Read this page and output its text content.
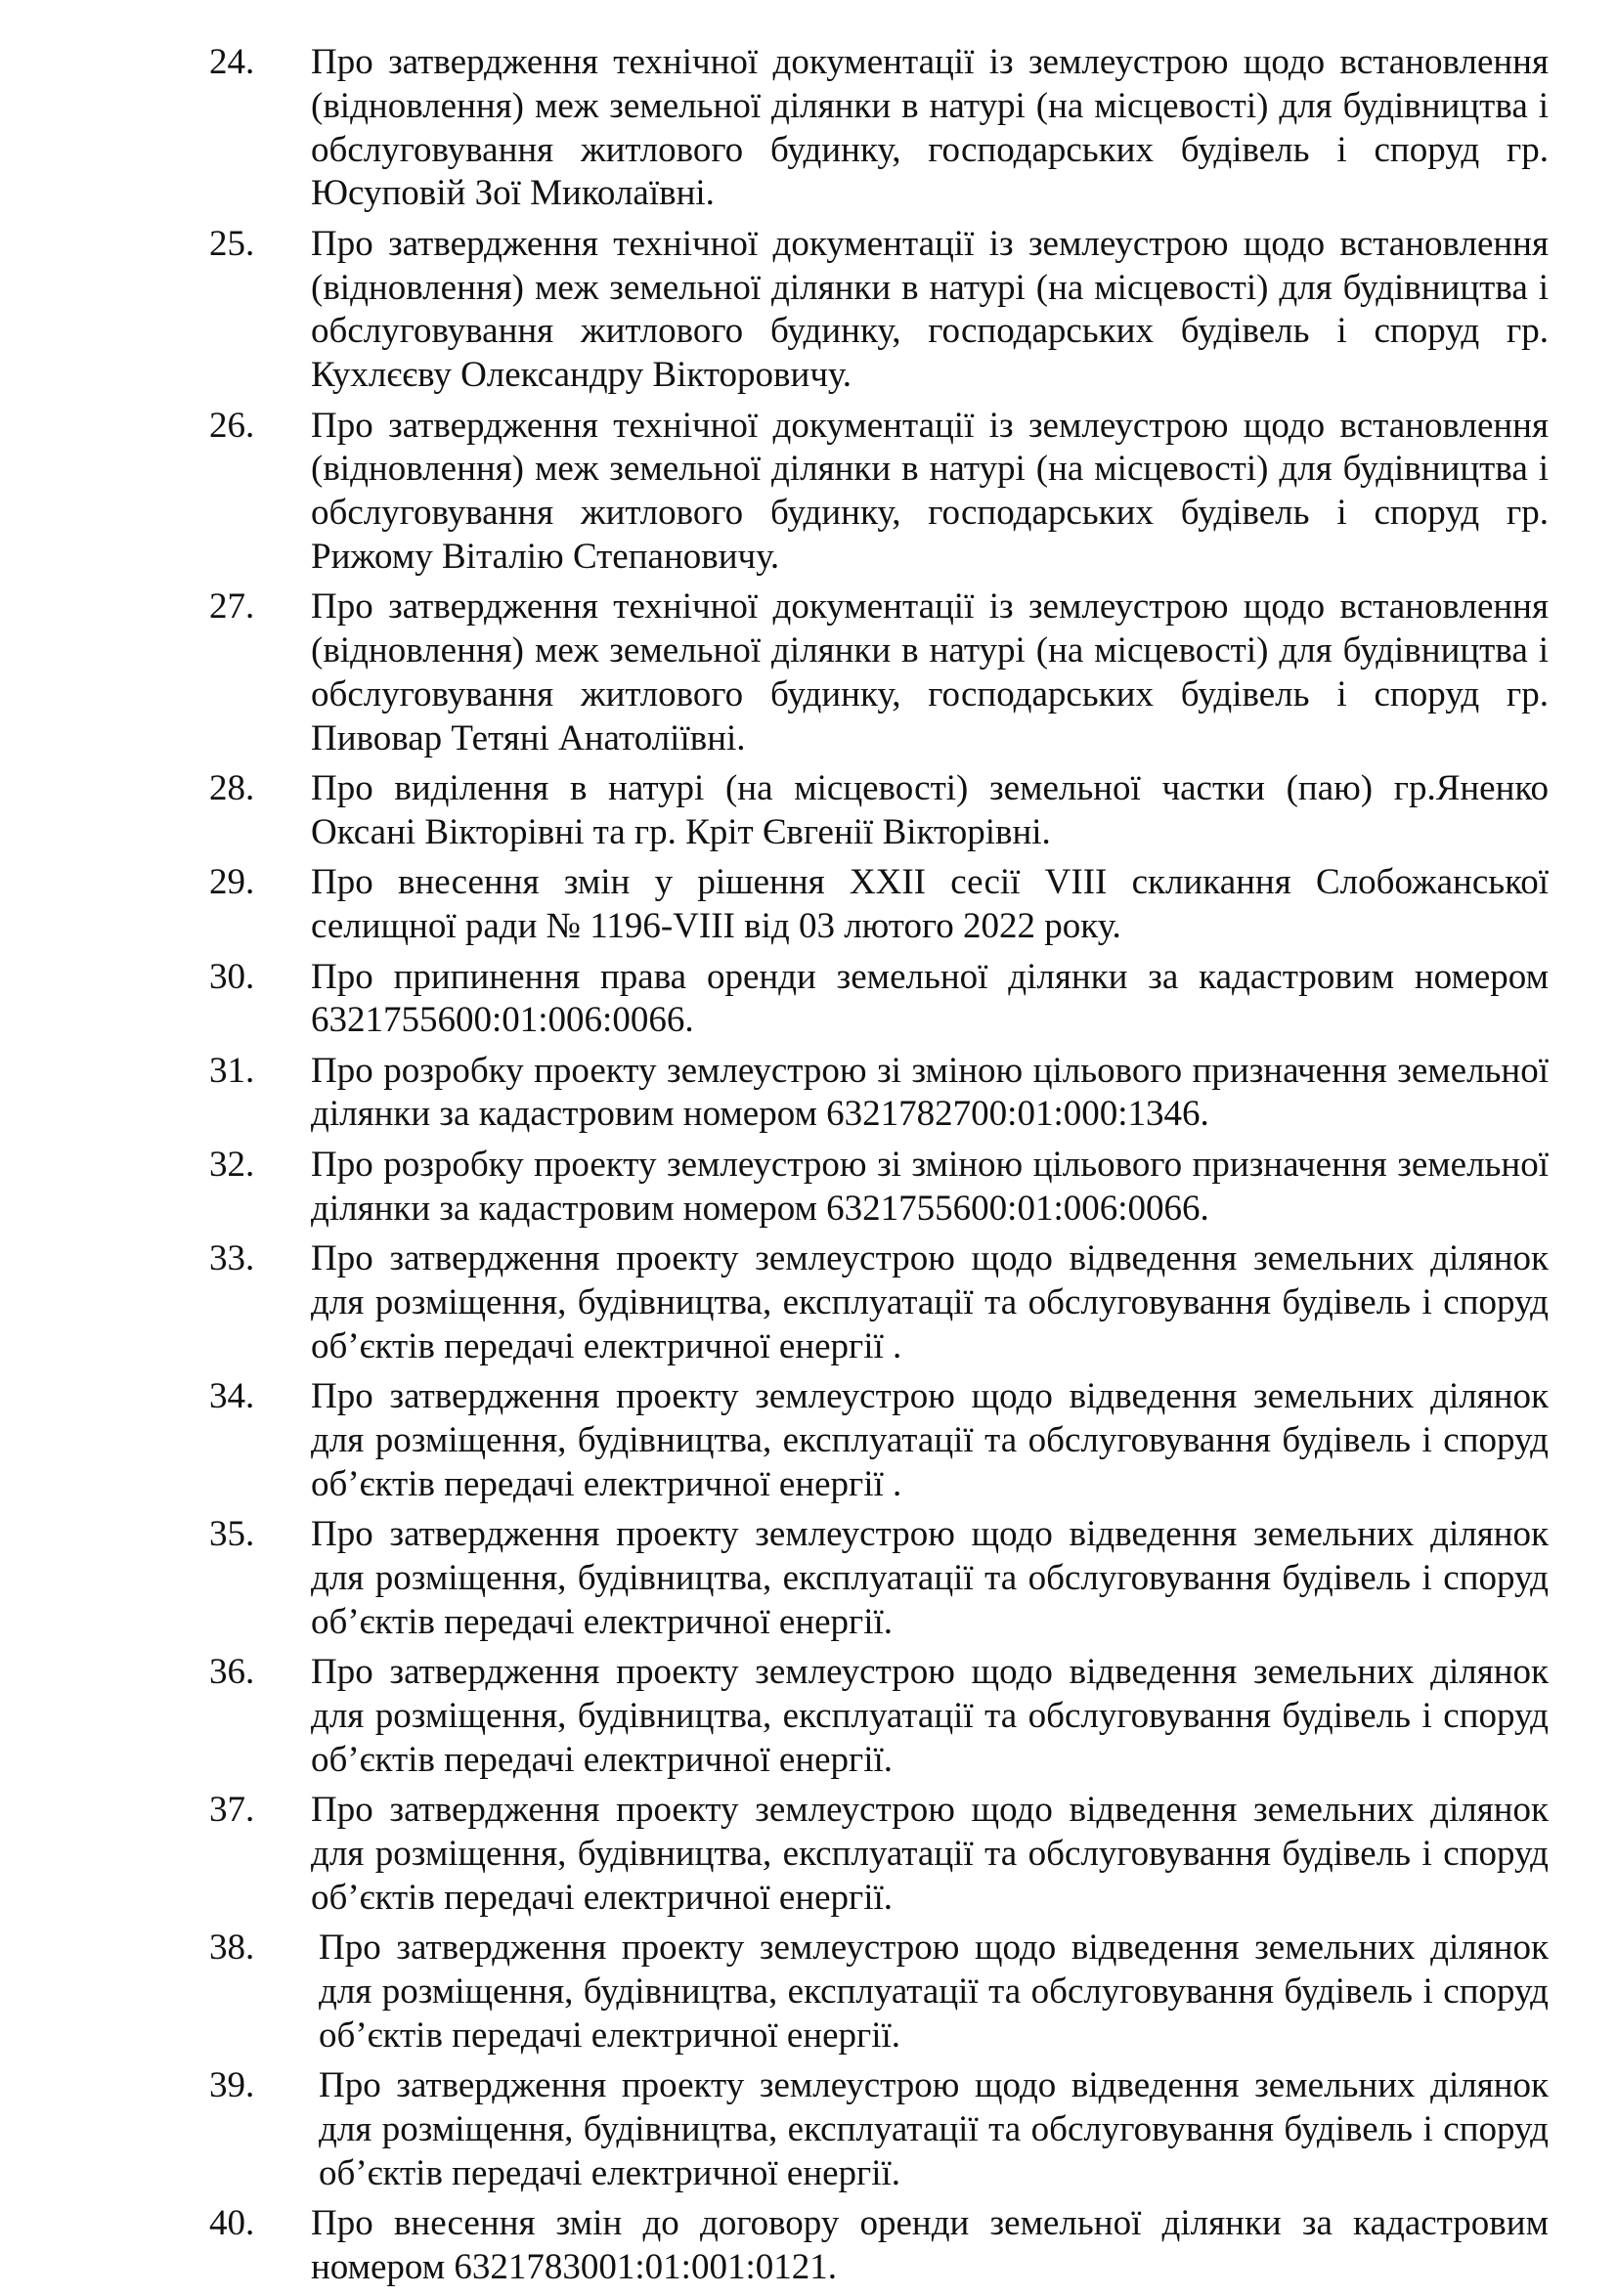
24.	Про затвердження технічної документації із землеустрою щодо встановлення (відновлення) меж земельної ділянки в натурі (на місцевості) для будівництва і обслуговування житлового будинку, господарських будівель і споруд гр. Юсуповій Зої Миколаївні.
25.	Про затвердження технічної документації із землеустрою щодо встановлення (відновлення) меж земельної ділянки в натурі (на місцевості) для будівництва і обслуговування житлового будинку, господарських будівель і споруд гр. Кухлєєву Олександру Вікторовичу.
26.	Про затвердження технічної документації із землеустрою щодо встановлення (відновлення) меж земельної ділянки в натурі (на місцевості) для будівництва і обслуговування житлового будинку, господарських будівель і споруд гр. Рижому Віталію Степановичу.
27.	Про затвердження технічної документації із землеустрою щодо встановлення (відновлення) меж земельної ділянки в натурі (на місцевості) для будівництва і обслуговування житлового будинку, господарських будівель і споруд гр. Пивовар Тетяні Анатоліївні.
28.	Про виділення в натурі (на місцевості) земельної частки (паю) гр.Яненко Оксані Вікторівні та гр. Кріт Євгенії Вікторівні.
29.	Про внесення змін у рішення XXII сесії VIII скликання Слобожанської селищної ради № 1196-VIII від 03 лютого 2022 року.
30.	Про припинення права оренди земельної ділянки за кадастровим номером 6321755600:01:006:0066.
31.	Про розробку проекту землеустрою зі зміною цільового призначення земельної ділянки за кадастровим номером 6321782700:01:000:1346.
32.	Про розробку проекту землеустрою зі зміною цільового призначення земельної ділянки за кадастровим номером 6321755600:01:006:0066.
33.	Про затвердження проекту землеустрою щодо відведення земельних ділянок для розміщення, будівництва, експлуатації та обслуговування будівель і споруд об’єктів передачі електричної енергії .
34.	Про затвердження проекту землеустрою щодо відведення земельних ділянок для розміщення, будівництва, експлуатації та обслуговування будівель і споруд об’єктів передачі електричної енергії .
35.	Про затвердження проекту землеустрою щодо відведення земельних ділянок для розміщення, будівництва, експлуатації та обслуговування будівель і споруд об’єктів передачі електричної енергії.
36.	Про затвердження проекту землеустрою щодо відведення земельних ділянок для розміщення, будівництва, експлуатації та обслуговування будівель і споруд об’єктів передачі електричної енергії.
37.	Про затвердження проекту землеустрою щодо відведення земельних ділянок для розміщення, будівництва, експлуатації та обслуговування будівель і споруд об’єктів передачі електричної енергії.
38.	Про затвердження проекту землеустрою щодо відведення земельних ділянок для розміщення, будівництва, експлуатації та обслуговування будівель і споруд об’єктів передачі електричної енергії.
39.	Про затвердження проекту землеустрою щодо відведення земельних ділянок для розміщення, будівництва, експлуатації та обслуговування будівель і споруд об’єктів передачі електричної енергії.
40.	Про внесення змін до договору оренди земельної ділянки за кадастровим номером 6321783001:01:001:0121.
